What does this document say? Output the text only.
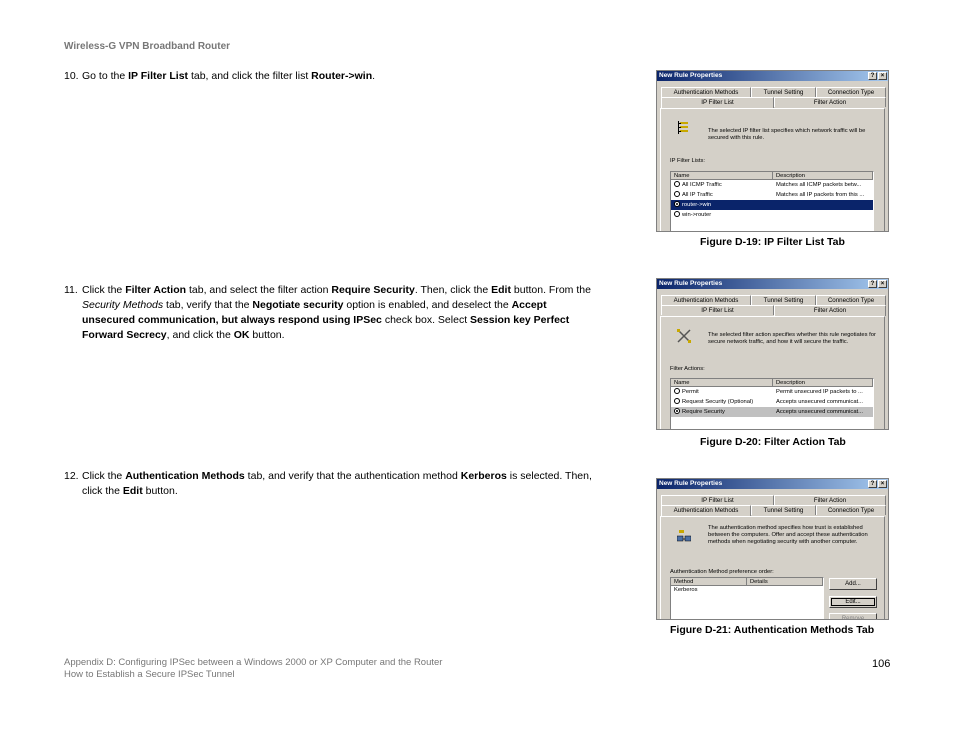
Wireless-G VPN Broadband Router
10. Go to the IP Filter List tab, and click the filter list Router->win.
11. Click the Filter Action tab, and select the filter action Require Security. Then, click the Edit button. From the
Security Methods tab, verify that the Negotiate security option is enabled, and deselect the Accept
unsecured communication, but always respond using IPSec check box. Select Session key Perfect
Forward Secrecy, and click the OK button.
12. Click the Authentication Methods tab, and verify that the authentication method Kerberos is selected. Then,
click the Edit button.
New Rule Properties	?	×
Authentication Methods	Tunnel Setting	Connection Type
IP Filter List	Filter Action
The selected IP filter list specifies which network traffic will be secured with this rule.
IP Filter Lists:
Name	Description
All ICMP Traffic	Matches all ICMP packets betw...
All IP Traffic	Matches all IP packets from this ...
router->win
win->router
Figure D-19: IP Filter List Tab
New Rule Properties	?	×
Authentication Methods	Tunnel Setting	Connection Type
IP Filter List	Filter Action
The selected filter action specifies whether this rule negotiates for secure network traffic, and how it will secure the traffic.
Filter Actions:
Name	Description
Permit	Permit unsecured IP packets to ...
Request Security (Optional)	Accepts unsecured communicat...
Require Security	Accepts unsecured communicat...
Figure D-20: Filter Action Tab
New Rule Properties	?	×
IP Filter List	Filter Action
Authentication Methods	Tunnel Setting	Connection Type
The authentication method specifies how trust is established between the computers. Offer and accept these authentication methods when negotiating security with another computer.
Authentication Method preference order:
Method	Details
Kerberos
Add...
Edit...
Remove
Figure D-21: Authentication Methods Tab
Appendix D: Configuring IPSec between a Windows 2000 or XP Computer and the Router
How to Establish a Secure IPSec Tunnel
106
